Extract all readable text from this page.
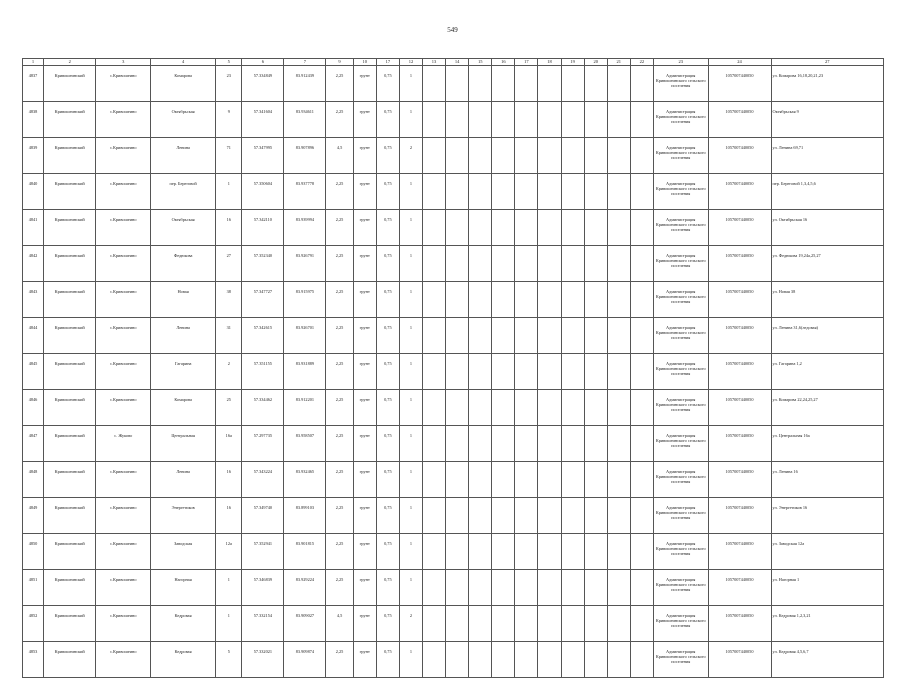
549
1	2	3	4	5	6	7	9	10	17	12	13	14	15	16	17	18	19	20	21	22	23	24	27
4837	Кривошеинский	с.Кривошеино	Комарова	23	57.334849	83.912439	2,25	грунт	0,75	1											Администрация Кривошеинского сельского поселения	1057007440050	ул. Комарова 16,18,20,21,23
4838	Кривошеинский	с.Кривошеино	Октябрьская	9	57.341604	83.934611	2,25	грунт	0,75	1											Администрация Кривошеинского сельского поселения	1057007440050	Октябрьская 9
4839	Кривошеинский	с.Кривошеино	Ленина	71	57.347995	83.907896	4,5	грунт	0,75	2											Администрация Кривошеинского сельского поселения	1057007440050	ул. Ленина 69,71
4840	Кривошеинский	с.Кривошеино	пер. Береговой	1	57.350604	83.937778	2,25	грунт	0,75	1											Администрация Кривошеинского сельского поселения	1057007440050	пер. Береговой 1,3,4,5,6
4841	Кривошеинский	с.Кривошеино	Октябрьская	16	57.342110	83.939994	2,25	грунт	0,75	1											Администрация Кривошеинского сельского поселения	1057007440050	ул. Октябрьская 16
4842	Кривошеинский	с.Кривошеино	Федюкова	27	57.352340	83.926791	2,25	грунт	0,75	1											Администрация Кривошеинского сельского поселения	1057007440050	ул. Федюкова 19,24а,25,27
4843	Кривошеинский	с.Кривошеино	Новая	38	57.347727	83.915975	2,25	грунт	0,75	1											Администрация Кривошеинского сельского поселения	1057007440050	ул. Новая 38
4844	Кривошеинский	с.Кривошеино	Ленина	31	57.342615	83.926701	2,25	грунт	0,75	1											Администрация Кривошеинского сельского поселения	1057007440050	ул. Ленина 31,6(ледовая)
4845	Кривошеинский	с.Кривошеино	Гагарина	2	57.351155	83.931889	2,25	грунт	0,75	1											Администрация Кривошеинского сельского поселения	1057007440050	ул. Гагарина 1,2
4846	Кривошеинский	с.Кривошеино	Комарова	25	57.334462	83.912201	2,25	грунт	0,75	1											Администрация Кривошеинского сельского поселения	1057007440050	ул. Комарова 22,24,25,27
4847	Кривошеинский	с. Жуково	Центральная	16а	57.297735	83.958507	2,25	грунт	0,75	1											Администрация Кривошеинского сельского поселения	1057007440050	ул. Центральная 16а
4848	Кривошеинский	с.Кривошеино	Ленина	16	57.343224	83.932465	2,25	грунт	0,75	1											Администрация Кривошеинского сельского поселения	1057007440050	ул. Ленина 16
4849	Кривошеинский	с.Кривошеино	Энергетиков	16	57.349740	83.899103	2,25	грунт	0,75	1											Администрация Кривошеинского сельского поселения	1057007440050	ул. Энергетиков 16
4850	Кривошеинский	с.Кривошеино	Заводская	12а	57.352941	83.901815	2,25	грунт	0,75	1											Администрация Кривошеинского сельского поселения	1057007440050	ул. Заводская 12а
4851	Кривошеинский	с.Кривошеино	Нагорная	1	57.346839	83.929224	2,25	грунт	0,75	1											Администрация Кривошеинского сельского поселения	1057007440050	ул. Нагорная 1
4852	Кривошеинский	с.Кривошеино	Кедровая	1	57.332154	83.909027	4,5	грунт	0,75	2											Администрация Кривошеинского сельского поселения	1057007440050	ул. Кедровая 1,2,3,21
4853	Кривошеинский	с.Кривошеино	Кедровая	5	57.332021	83.909874	2,25	грунт	0,75	1											Администрация Кривошеинского сельского поселения	1057007440050	ул. Кедровая 4,5,6,7
